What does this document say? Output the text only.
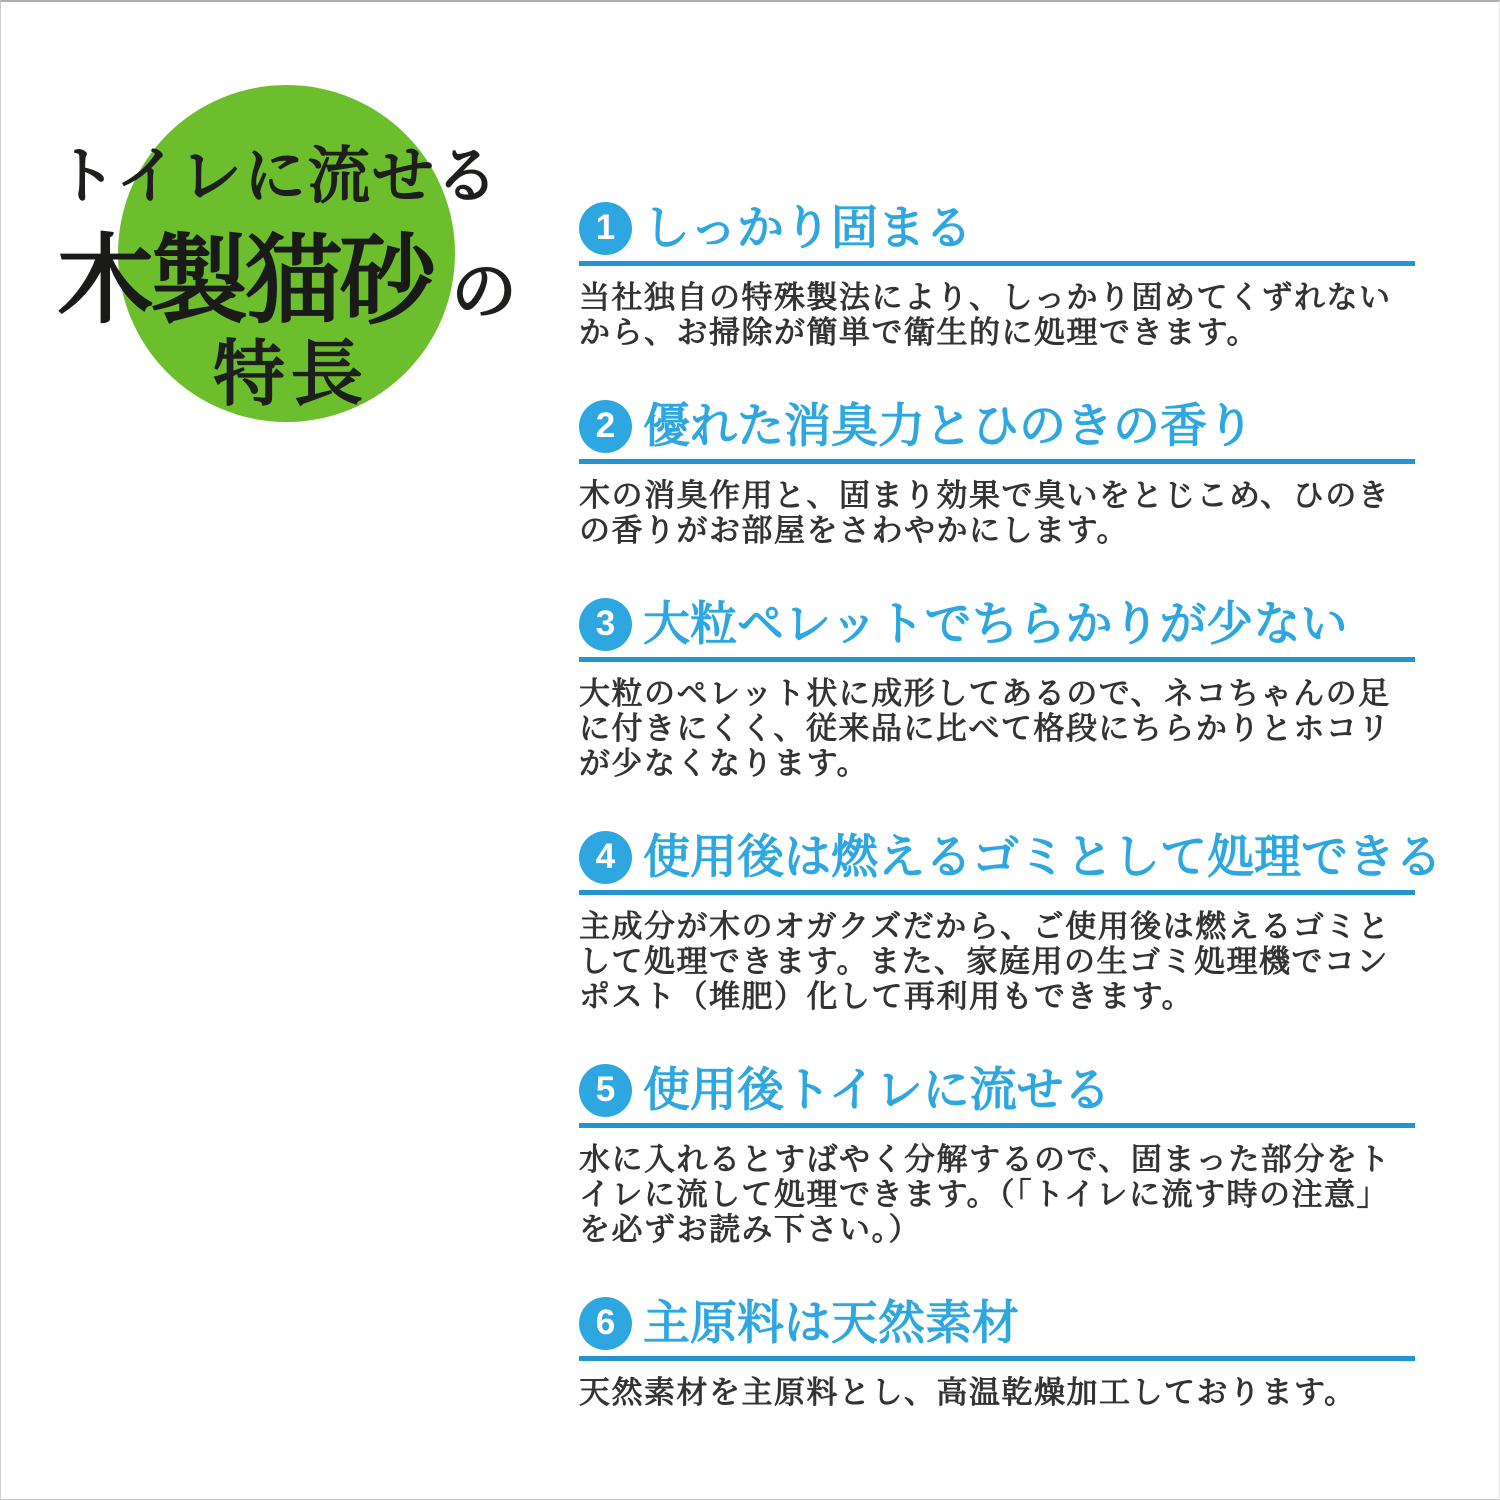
トイレに流せる
木製猫砂 の
特長
1 しっかり固まる
当社独自の特殊製法により、しっかり固めてくずれないから、お掃除が簡単で衛生的に処理できます。
2 優れた消臭力とひのきの香り
木の消臭作用と、固まり効果で臭いをとじこめ、ひのきの香りがお部屋をさわやかにします。
3 大粒ペレットでちらかりが少ない
大粒のペレット状に成形してあるので、ネコちゃんの足に付きにくく、従来品に比べて格段にちらかりとホコリが少なくなります。
4 使用後は燃えるゴミとして処理できる
主成分が木のオガクズだから、ご使用後は燃えるゴミとして処理できます。また、家庭用の生ゴミ処理機でコンポスト（堆肥）化して再利用もできます。
5 使用後トイレに流せる
水に入れるとすばやく分解するので、固まった部分をトイレに流して処理できます。（「トイレに流す時の注意」を必ずお読み下さい。）
6 主原料は天然素材
天然素材を主原料とし、高温乾燥加工しております。
